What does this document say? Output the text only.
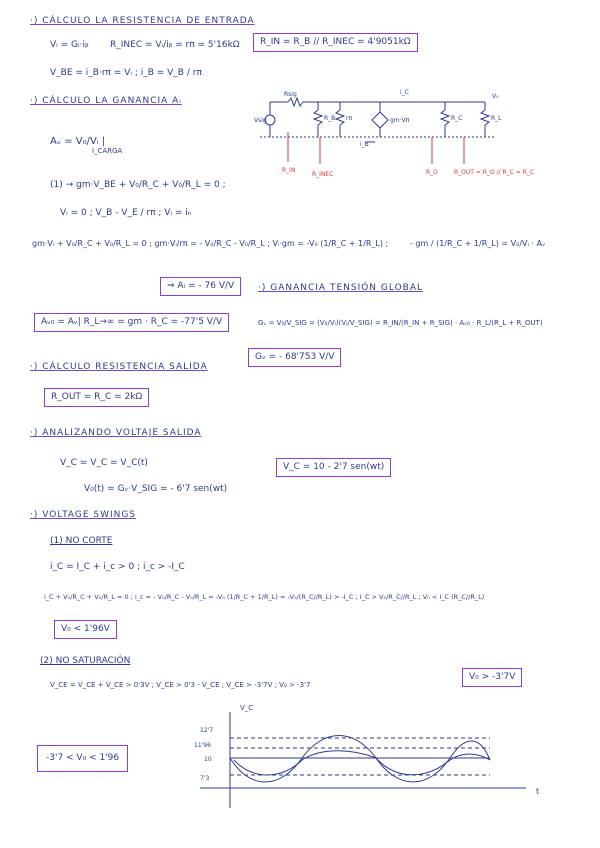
·) CÁLCULO LA RESISTENCIA DE ENTRADA
Vᵢ = Gᵢ·iᵦ R_INEC = Vᵢ/iᵦ = rπ = 5'16kΩ	R_IN = R_B // R_INEC = 4'9051kΩ
V_BE = i_B·rπ = Vᵢ ; i_B = V_B / rπ
·) CÁLCULO LA GANANCIA Aᵢ
Rsig
Vsig	R_B rπ	gm·Vπ	R_C	R_L
V₀
i_C
i_B
R_IN
R_INEC	R_O	R_OUT = R_O // R_C = R_C
Aᵥ = V₀/Vᵢ |
I_CARGA
(1) → gm·V_BE + V₀/R_C + V₀/R_L = 0 ;
Vᵢ = 0 ; V_B - V_E / rπ ; Vᵢ = iₙ
gm·Vᵢ + V₀/R_C + V₀/R_L = 0 ; gm·Vᵢ/rπ = - V₀/R_C - V₀/R_L ; Vᵢ·gm = -V₀ (1/R_C + 1/R_L) ;	- gm / (1/R_C + 1/R_L) = V₀/Vᵢ · Aᵥ
⇒ Aᵢ = - 76 V/V	·) GANANCIA TENSIÓN GLOBAL
Aᵥ₀ = Aᵥ| R_L→∞ = gm · R_C = -77'5 V/V	Gᵥ = V₀/V_SIG = (V₀/Vᵢ)(Vᵢ/V_SIG) = R_IN/(R_IN + R_SIG) · Aᵥ₀ · R_L/(R_L + R_OUT)
Gᵥ = - 68'753 V/V
·) CÁLCULO RESISTENCIA SALIDA
R_OUT = R_C = 2kΩ
·) ANALIZANDO VOLTAJE SALIDA
V_C = V_C = V_C(t)
V₀(t) = Gᵥ·V_SIG = - 6'7 sen(wt)
V_C = 10 - 2'7 sen(wt)
·) VOLTAGE SWINGS
(1) NO CORTE
i_C = I_C + i_c > 0 ; i_c > -I_C
i_C + V₀/R_C + V₀/R_L = 0 ; i_c = - V₀/R_C - V₀/R_L = -V₀ (1/R_C + 1/R_L) = -V₀/(R_C//R_L) > -I_C ; I_C > V₀/R_C//R_L ; V₀ < I_C (R_C//R_L)
V₀ < 1'96V
(2) NO SATURACIÓN
V_CE = V_CE + V_CE > 0'3V ; V_CE > 0'3 - V_CE ; V_CE > -3'7V ; V₀ > -3'7
V₀ > -3'7V
-3'7 < V₀ < 1'96
V_C
t
12'7
11'96
10
7'3
